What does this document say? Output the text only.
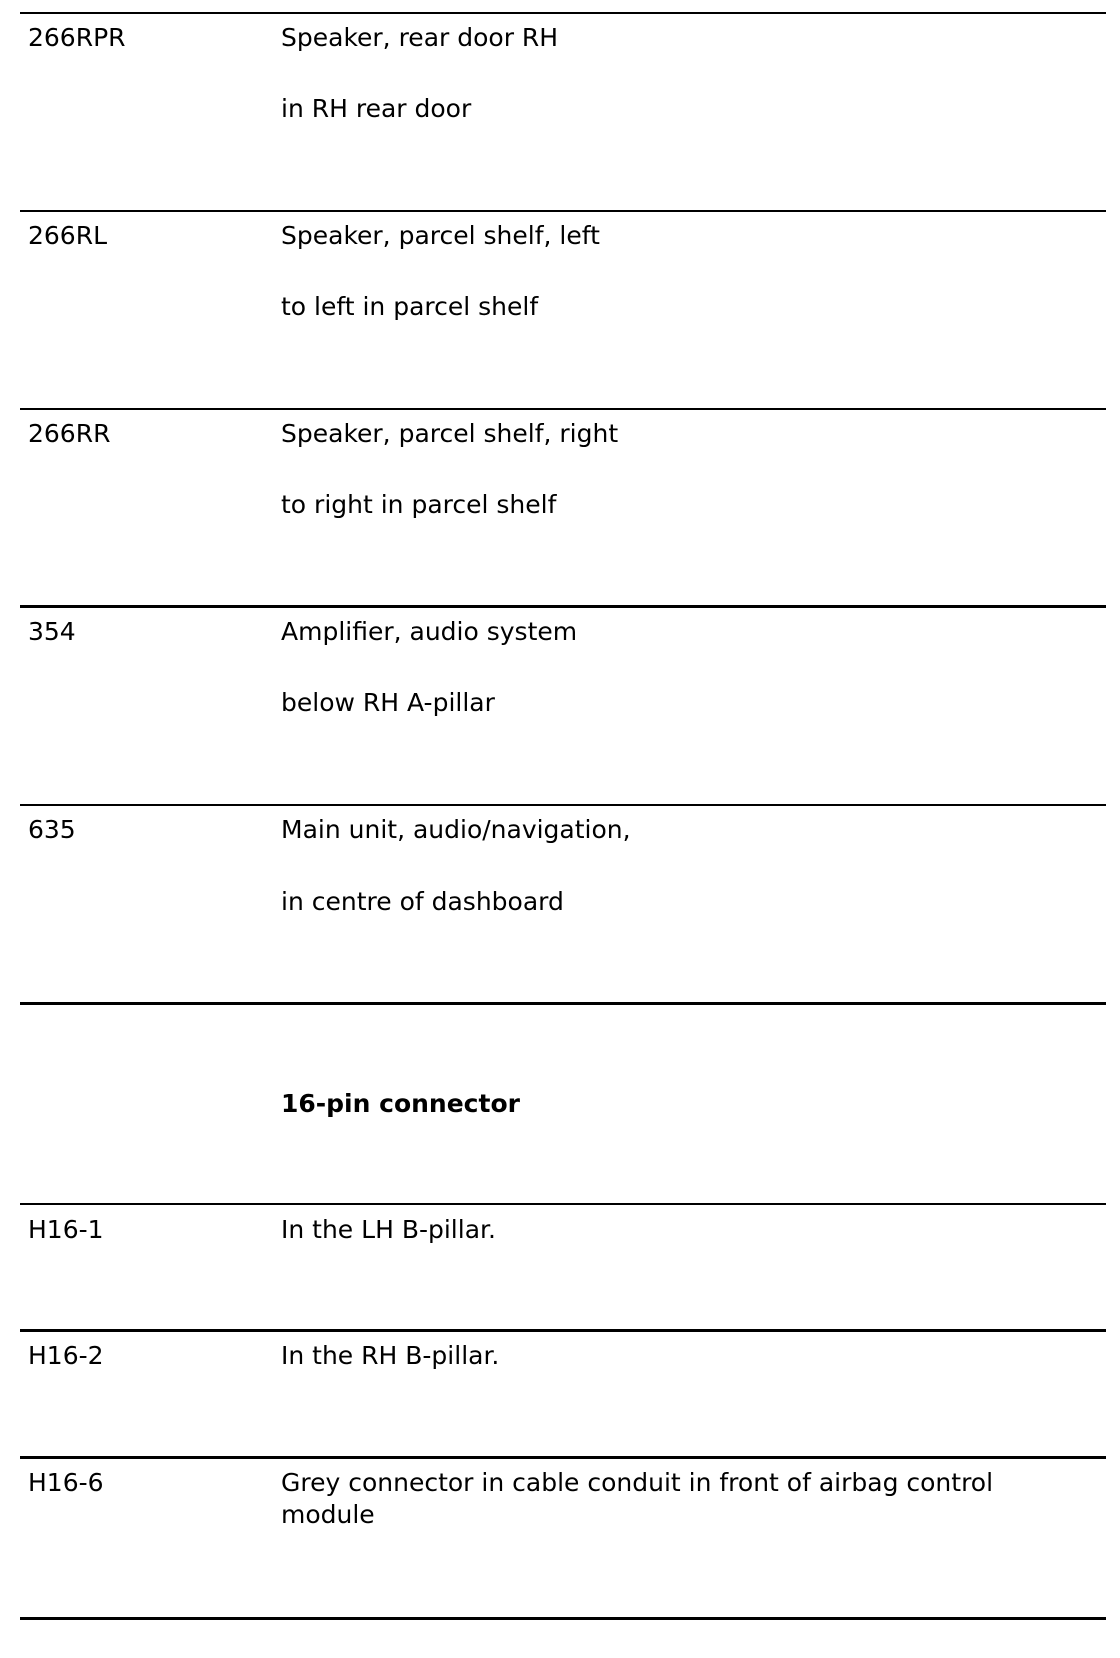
266RPR	Speaker, rear door RH
in RH rear door
266RL	Speaker, parcel shelf, left
to left in parcel shelf
266RR	Speaker, parcel shelf, right
to right in parcel shelf
354	Amplifier, audio system
below RH A-pillar
635	Main unit, audio/navigation,
in centre of dashboard
16-pin connector
H16-1	In the LH B-pillar.
H16-2	In the RH B-pillar.
H16-6	Grey connector in cable conduit in front of airbag control module
